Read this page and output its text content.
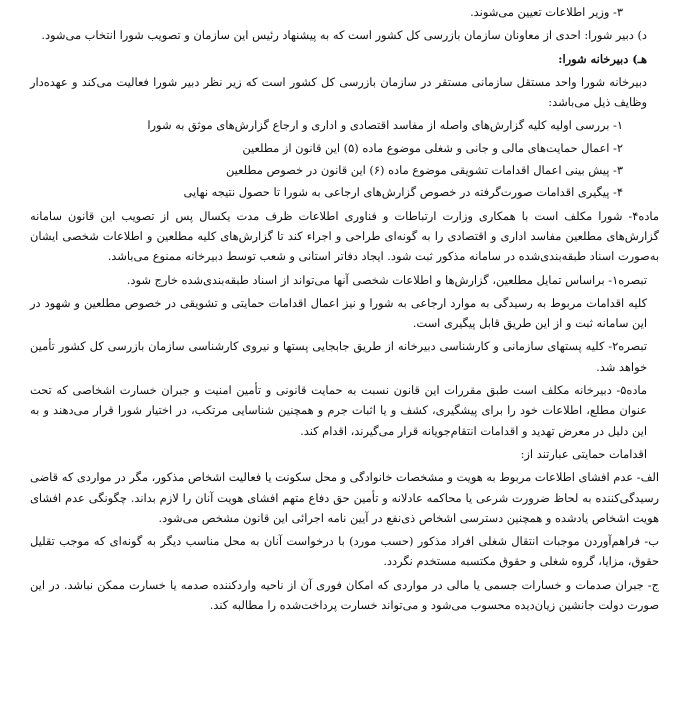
۳- وزیر اطلاعات تعیین می‌شوند.

د) دبیر شورا: احدی از معاونان سازمان بازرسی کل کشور است که به پیشنهاد رئیس این سازمان و تصویب شورا انتخاب می‌شود.

هـ) دبیرخانه شورا:

دبیرخانه شورا واحد مستقل سازمانی مستقر در سازمان بازرسی کل کشور است که زیر نظر دبیر شورا فعالیت می‌کند و عهده‌دار وظایف ذیل می‌باشد:

۱- بررسی اولیه کلیه گزارش‌های واصله از مفاسد اقتصادی و اداری و ارجاع گزارش‌های موثق به شورا

۲- اعمال حمایت‌های مالی و جانی و شغلی موضوع ماده (۵) این قانون از مطلعین

۳- پیش بینی اعمال اقدامات تشویقی موضوع ماده (۶) این قانون در خصوص مطلعین

۴- پیگیری اقدامات صورت‌گرفته در خصوص گزارش‌های ارجاعی به شورا تا حصول نتیجه نهایی

ماده۴- شورا مکلف است با همکاری وزارت ارتباطات و فناوری اطلاعات ظرف مدت یکسال پس از تصویب این قانون سامانه گزارش‌های مطلعین مفاسد اداری و اقتصادی را به گونه‌ای طراحی و اجراء کند تا گزارش‌های کلیه مطلعین و اطلاعات شخصی ایشان به‌صورت اسناد طبقه‌بندی‌شده در سامانه مذکور ثبت شود. ایجاد دفاتر استانی و شعب توسط دبیرخانه ممنوع می‌باشد.

تبصره۱- براساس تمایل مطلعین، گزارش‌ها و اطلاعات شخصی آنها می‌تواند از اسناد طبقه‌بندی‌شده خارج شود.

کلیه اقدامات مربوط به رسیدگی به موارد ارجاعی به شورا و نیز اعمال اقدامات حمایتی و تشویقی در خصوص مطلعین و شهود در این سامانه ثبت و از این طریق قابل پیگیری است.

تبصره۲- کلیه پستهای سازمانی و کارشناسی دبیرخانه از طریق جابجایی پستها و نیروی کارشناسی سازمان بازرسی کل کشور تأمین خواهد شد.

ماده۵- دبیرخانه مکلف است طبق مقررات این قانون نسبت به حمایت قانونی و تأمین امنیت و جبران خسارت اشخاصی که تحت عنوان مطلع، اطلاعات خود را برای پیشگیری، کشف و یا اثبات جرم و همچنین شناسایی مرتکب، در اختیار شورا قرار می‌دهند و به این دلیل در معرض تهدید و اقدامات انتقام‌جویانه قرار می‌گیرند، اقدام کند.

اقدامات حمایتی عبارتند از:

الف- عدم افشای اطلاعات مربوط به هویت و مشخصات خانوادگی و محل سکونت یا فعالیت اشخاص مذکور، مگر در مواردی که قاضی رسیدگی‌کننده به لحاظ ضرورت شرعی یا محاکمه عادلانه و تأمین حق دفاع متهم افشای هویت آنان را لازم بداند. چگونگی عدم افشای هویت اشخاص یادشده و همچنین دسترسی اشخاص ذی‌نفع در آیین نامه اجرائی این قانون مشخص می‌شود.

ب- فراهم‌آوردن موجبات انتقال شغلی افراد مذکور (حسب مورد) با درخواست آنان به محل مناسب دیگر به گونه‌ای که موجب تقلیل حقوق، مزایا، گروه شغلی و حقوق مکتسبه مستخدم نگردد.

ج- جبران صدمات و خسارات جسمی یا مالی در مواردی که امکان فوری آن از ناحیه واردکننده صدمه یا خسارت ممکن نباشد. در این صورت دولت جانشین زیان‌دیده محسوب می‌شود و می‌تواند خسارت پرداخت‌شده را مطالبه کند.
